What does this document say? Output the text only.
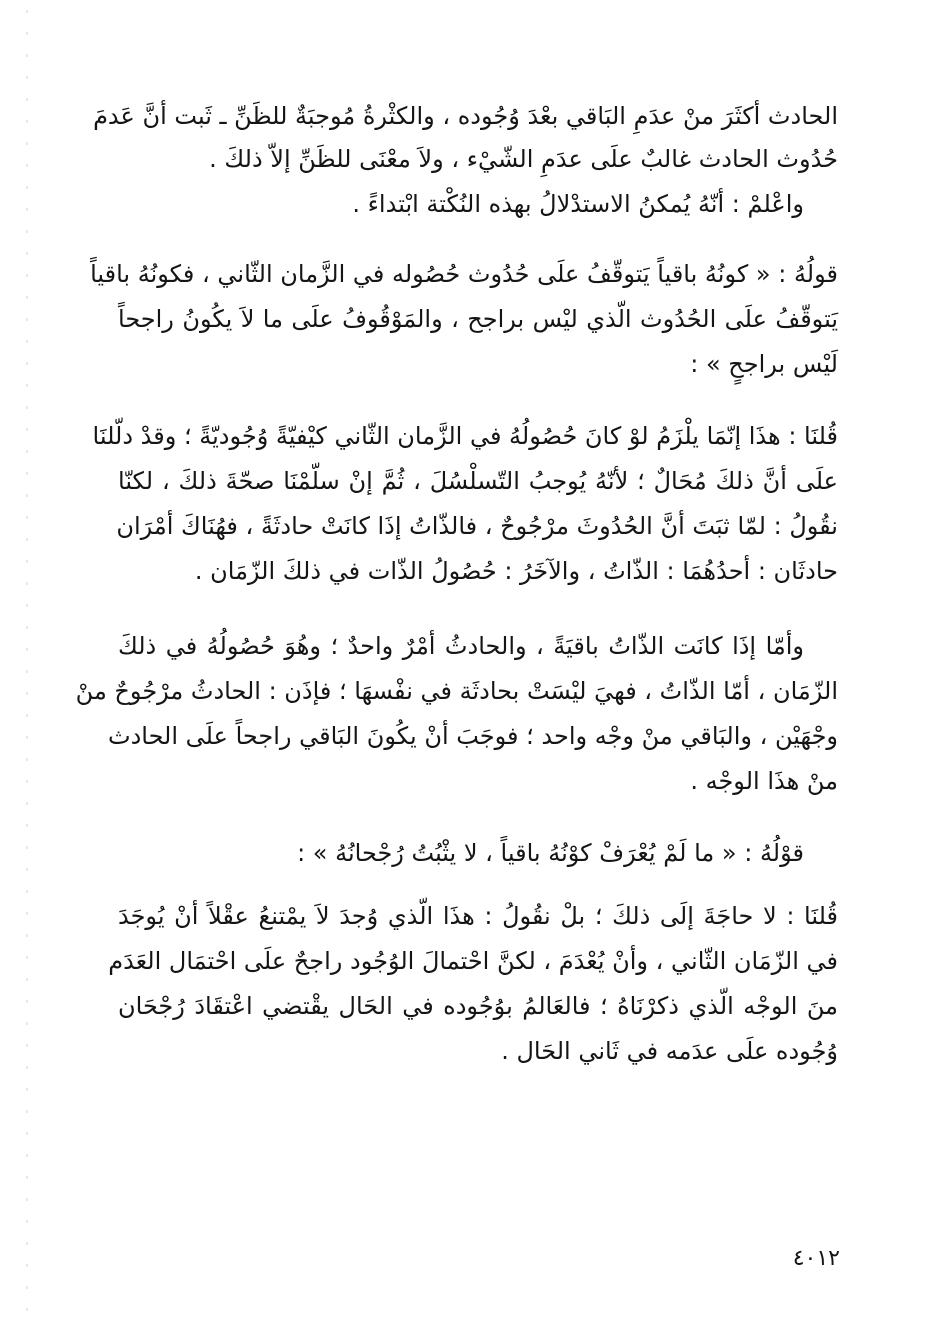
الحادث أكثَرَ منْ عدَمِ البَاقي بعْدَ وُجُوده ، والكثْرةُ مُوجبَةٌ للظَنِّ ـ ثَبت أنَّ عَدمَ
حُدُوث الحادث غالبٌ علَى عدَمِ الشّيْء ، ولاَ معْنَى للظَنِّ إلاّ ذلكَ .
واعْلمْ : أنّهُ يُمكنُ الاستدْلالُ بهذه النُكْتة ابْتداءً .
قولُهُ : « كونُهُ باقياً يَتوقّفُ علَى حُدُوث حُصُوله في الزَّمان الثّاني ، فكونُهُ باقياً
يَتوقّفُ علَى الحُدُوث الّذي ليْس براجح ، والمَوْقُوفُ علَى ما لاَ يكُونُ راجحاً
لَيْس براجحٍ » :
قُلنَا : هذَا إنّمَا يلْزَمُ لوْ كانَ حُصُولُهُ في الزَّمان الثّاني كيْفيّةً وُجُوديّةً ؛ وقدْ دلّلنَا
علَى أنَّ ذلكَ مُحَالٌ ؛ لأنّهُ يُوجبُ التّسلْسُلَ ، ثُمَّ إنْ سلّمْنَا صحّةَ ذلكَ ، لكنّا
نقُولُ : لمّا ثبَتَ أنَّ الحُدُوثَ مرْجُوحٌ ، فالذّاتُ إذَا كانَتْ حادثَةً ، فهُنَاكَ أمْرَان
حادثَان : أحدُهُمَا : الذّاتُ ، والآخَرُ : حُصُولُ الذّات في ذلكَ الزّمَان .
وأمّا إذَا كانَت الذّاتُ باقيَةً ، والحادثُ أمْرٌ واحدٌ ؛ وهُوَ حُصُولُهُ في ذلكَ
الزّمَان ، أمّا الذّاتُ ، فهيَ ليْسَتْ بحادثَة في نفْسهَا ؛ فإذَن : الحادثُ مرْجُوحٌ منْ
وجْهَيْن ، والبَاقي منْ وجْه واحد ؛ فوجَبَ أنْ يكُونَ البَاقي راجحاً علَى الحادث
منْ هذَا الوجْه .
قوْلُهُ : « ما لَمْ يُعْرَفْ كوْنُهُ باقياً ، لا يثْبُتُ رُجْحانُهُ » :
قُلنَا : لا حاجَةَ إلَى ذلكَ ؛ بلْ نقُولُ : هذَا الّذي وُجدَ لاَ يمْتنعُ عقْلاً أنْ يُوجَدَ
في الزّمَان الثّاني ، وأنْ يُعْدَمَ ، لكنَّ احْتمالَ الوُجُود راجحٌ علَى احْتمَال العَدَم
منَ الوجْه الّذي ذكرْنَاهُ ؛ فالعَالمُ بوُجُوده في الحَال يقْتضي اعْتقَادَ رُجْحَان
وُجُوده علَى عدَمه في ثَاني الحَال .
٤٠١٢
